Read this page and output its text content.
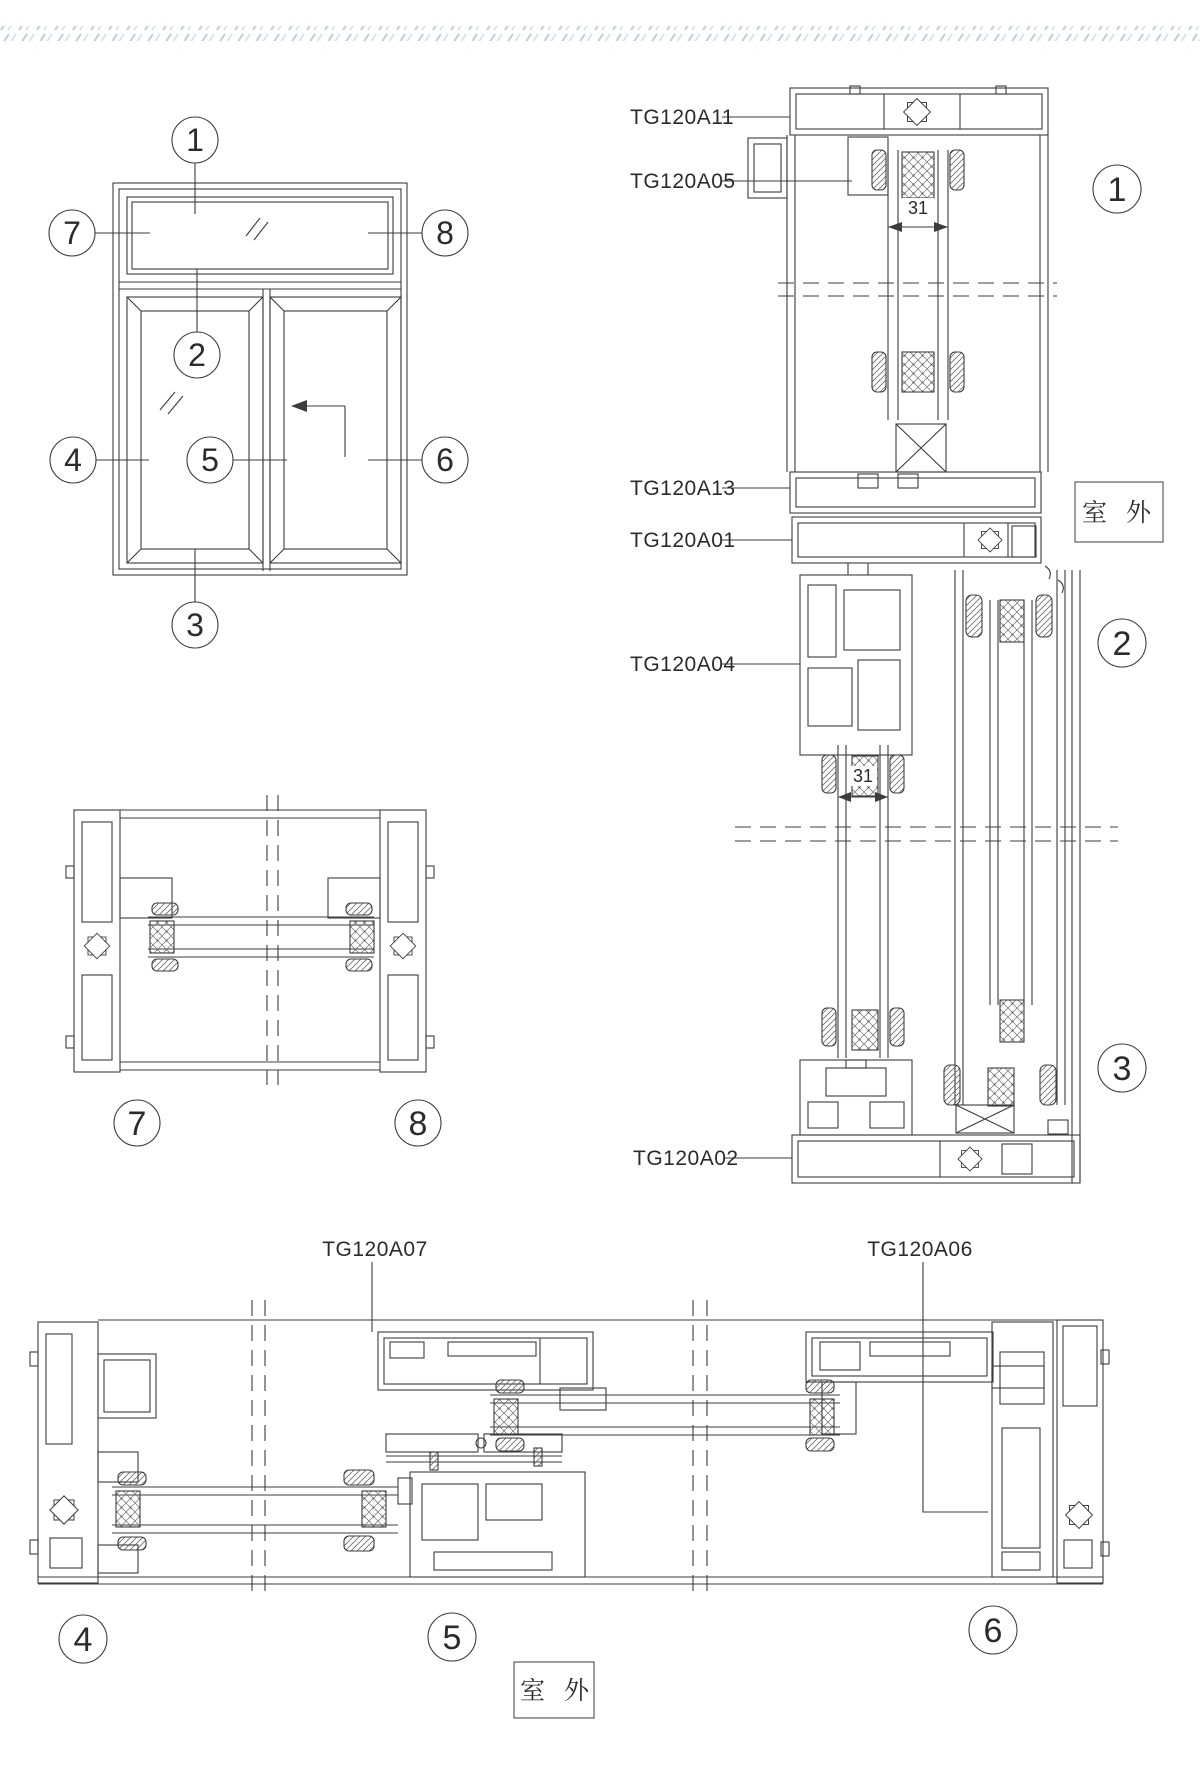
1
2
3
4	5	6
7	8
31
31
TG120A11
TG120A05
TG120A13
TG120A01
TG120A04
TG120A02
室 外
1
2
3
7	8
TG120A07	TG120A06
4	5	6
室 外
